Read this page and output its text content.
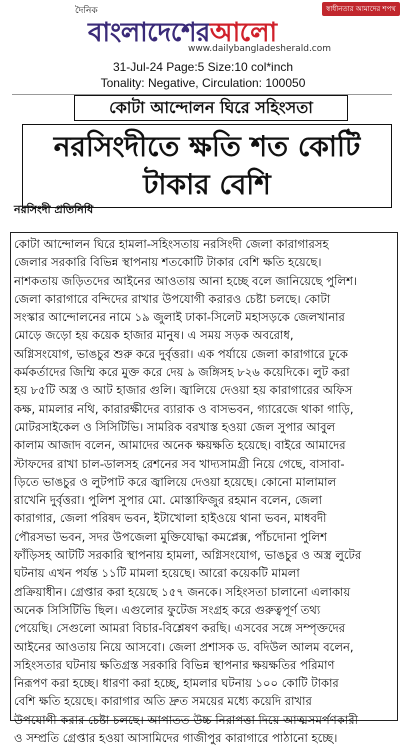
দৈনিক	স্বাধীনতার আমাদের শপথ
বাংলাদেশেরআলো
www.dailybangladesherald.com
31-Jul-24 Page:5 Size:10 col*inch
Tonality: Negative, Circulation: 100050
কোটা আন্দোলন ঘিরে সহিংসতা
নরসিংদীতে ক্ষতি শত কোটি
টাকার বেশি
নরসিংদী প্রতিনিধি
কোটা আন্দোলন ঘিরে হামলা-সহিংসতায় নরসিংদী জেলা কারাগারসহ
জেলার সরকারি বিভিন্ন স্থাপনায় শতকোটি টাকার বেশি ক্ষতি হয়েছে।
নাশকতায় জড়িতদের আইনের আওতায় আনা হচ্ছে বলে জানিয়েছে পুলিশ।
জেলা কারাগারে বন্দিদের রাখার উপযোগী করারও চেষ্টা চলছে। কোটা
সংস্কার আন্দোলনের নামে ১৯ জুলাই ঢাকা-সিলেট মহাসড়কে জেলখানার
মোড়ে জড়ো হয় কয়েক হাজার মানুষ। এ সময় সড়ক অবরোধ,
অগ্নিসংযোগ, ভাঙচুর শুরু করে দুর্বৃত্তরা। এক পর্যায়ে জেলা কারাগারে ঢুকে
কর্মকর্তাদের জিম্মি করে মুক্ত করে দেয় ৯ জঙ্গিসহ ৮২৬ কয়েদিকে। লুট করা
হয় ৮৫টি অস্ত্র ও আট হাজার গুলি। জ্বালিয়ে দেওয়া হয় কারাগারের অফিস
কক্ষ, মামলার নথি, কারারক্ষীদের ব্যারাক ও বাসভবন, গ্যারেজে থাকা গাড়ি,
মোটরসাইকেল ও সিসিটিভি। সামরিক বরখাস্ত হওয়া জেল সুপার আবুল
কালাম আজাদ বলেন, আমাদের অনেক ক্ষয়ক্ষতি হয়েছে। বাইরে আমাদের
স্টাফদের রাখা চাল-ডালসহ রেশনের সব খাদ্যসামগ্রী নিয়ে গেছে, বাসাবা-
ড়িতে ভাঙচুর ও লুটপাট করে জ্বালিয়ে দেওয়া হয়েছে। কোনো মালামাল
রাখেনি দুর্বৃত্তরা। পুলিশ সুপার মো. মোস্তাফিজুর রহমান বলেন, জেলা
কারাগার, জেলা পরিষদ ভবন, ইটাখোলা হাইওয়ে থানা ভবন, মাধবদী
পৌরসভা ভবন, সদর উপজেলা মুক্তিযোদ্ধা কমপ্লেক্স, পাঁচদোনা পুলিশ
ফাঁড়িসহ আটটি সরকারি স্থাপনায় হামলা, অগ্নিসংযোগ, ভাঙচুর ও অস্ত্র লুটের
ঘটনায় এখন পর্যন্ত ১১টি মামলা হয়েছে। আরো কয়েকটি মামলা
প্রক্রিয়াধীন। গ্রেপ্তার করা হয়েছে ১৫৭ জনকে। সহিংসতা চালানো এলাকায়
অনেক সিসিটিভি ছিল। এগুলোর ফুটেজ সংগ্রহ করে গুরুত্বপূর্ণ তথ্য
পেয়েছি। সেগুলো আমরা বিচার-বিশ্লেষণ করছি। এসবের সঙ্গে সম্পৃক্তদের
আইনের আওতায় নিয়ে আসবো। জেলা প্রশাসক ড. বদিউল আলম বলেন,
সহিংসতার ঘটনায় ক্ষতিগ্রস্ত সরকারি বিভিন্ন স্থাপনার ক্ষয়ক্ষতির পরিমাণ
নিরূপণ করা হচ্ছে। ধারণা করা হচ্ছে, হামলার ঘটনায় ১০০ কোটি টাকার
বেশি ক্ষতি হয়েছে। কারাগার অতি দ্রুত সময়ের মধ্যে কয়েদি রাখার
উপযোগী করার চেষ্টা চলছে। আপাতত উচ্চ নিরাপত্তা দিয়ে আত্মসমর্পণকারী
ও সম্প্রতি গ্রেপ্তার হওয়া আসামিদের গাজীপুর কারাগারে পাঠানো হচ্ছে।
